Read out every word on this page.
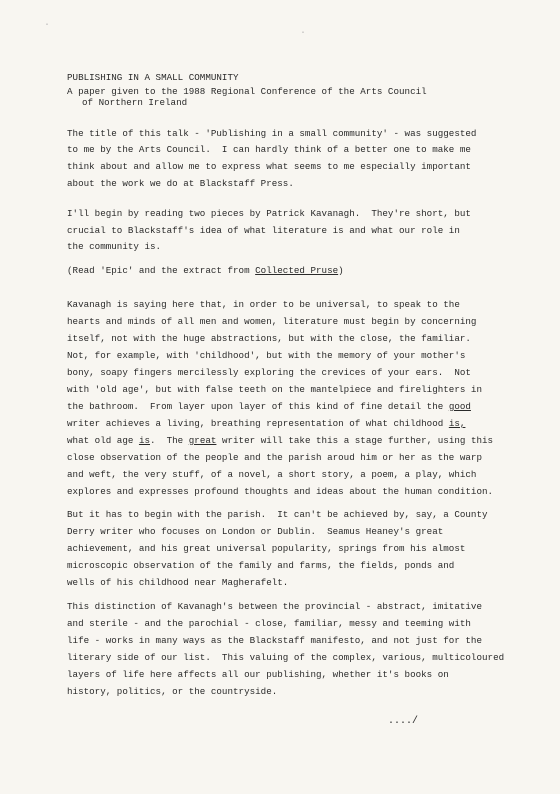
·
·
PUBLISHING IN A SMALL COMMUNITY
A paper given to the 1988 Regional Conference of the Arts Council
of Northern Ireland
The title of this talk - 'Publishing in a small community' - was suggested
to me by the Arts Council.  I can hardly think of a better one to make me
think about and allow me to express what seems to me especially important
about the work we do at Blackstaff Press.
I'll begin by reading two pieces by Patrick Kavanagh.  They're short, but
crucial to Blackstaff's idea of what literature is and what our role in
the community is.
(Read 'Epic' and the extract from Collected Pruse)
Kavanagh is saying here that, in order to be universal, to speak to the
hearts and minds of all men and women, literature must begin by concerning
itself, not with the huge abstractions, but with the close, the familiar.
Not, for example, with 'childhood', but with the memory of your mother's
bony, soapy fingers mercilessly exploring the crevices of your ears.  Not
with 'old age', but with false teeth on the mantelpiece and firelighters in
the bathroom.  From layer upon layer of this kind of fine detail the good
writer achieves a living, breathing representation of what childhood is,
what old age is.  The great writer will take this a stage further, using this
close observation of the people and the parish aroud him or her as the warp
and weft, the very stuff, of a novel, a short story, a poem, a play, which
explores and expresses profound thoughts and ideas about the human condition.
But it has to begin with the parish.  It can't be achieved by, say, a County
Derry writer who focuses on London or Dublin.  Seamus Heaney's great
achievement, and his great universal popularity, springs from his almost
microscopic observation of the family and farms, the fields, ponds and
wells of his childhood near Magherafelt.
This distinction of Kavanagh's between the provincial - abstract, imitative
and sterile - and the parochial - close, familiar, messy and teeming with
life - works in many ways as the Blackstaff manifesto, and not just for the
literary side of our list.  This valuing of the complex, various, multicoloured
layers of life here affects all our publishing, whether it's books on
history, politics, or the countryside.
..../
